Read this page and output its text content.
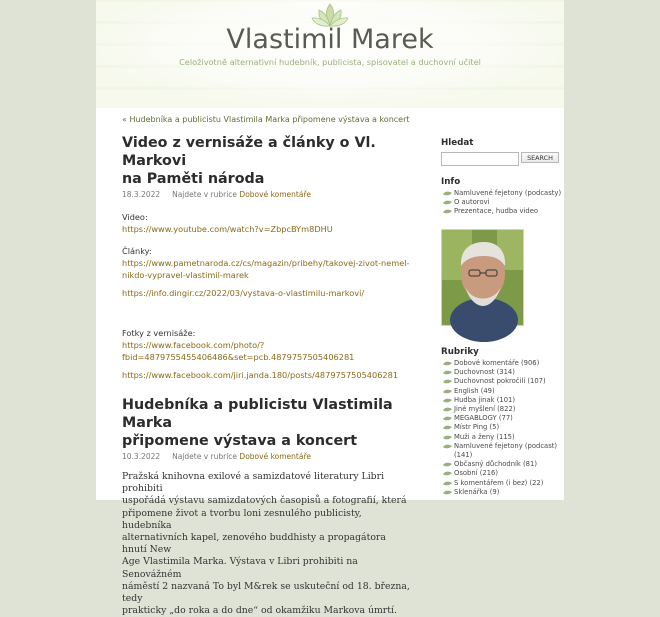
Vlastimil Marek
Celoživotně alternativní hudebník, publicista, spisovatel a duchovní učitel
« Hudebníka a publicistu Vlastimila Marka připomene výstava a koncert
Video z vernisáže a články o Vl. Markovi
na Paměti národa
18.3.2022 Najdete v rubrice Dobové komentáře

Video:

https://www.youtube.com/watch?v=ZbpcBYm8DHU

Články:

https://www.pametnaroda.cz/cs/magazin/pribehy/takovej-zivot-nemel-
nikdo-vypravel-vlastimil-marek

https://info.dingir.cz/2022/03/vystava-o-vlastimilu-markovi/

Fotky z vernisáže:

https://www.facebook.com/photo/?
fbid=4879755455406486&set=pcb.4879757505406281

https://www.facebook.com/jiri.janda.180/posts/4879757505406281

Hudebníka a publicistu Vlastimila Marka
připomene výstava a koncert
10.3.2022 Najdete v rubrice Dobové komentáře
Pražská knihovna exilové a samizdatové literatury Libri prohibiti
uspořádá výstavu samizdatových časopisů a fotografií, která
připomene život a tvorbu loni zesnulého publicisty, hudebníka
alternativních kapel, zenového buddhisty a propagátora hnutí New
Age Vlastimila Marka. Výstava v Libri prohibiti na Senovážném
náměstí 2 nazvaná To byl M&rek se uskuteční od 18. března, tedy
prakticky „do roka a do dne“ od okamžiku Markova úmrtí.
Hledat
SEARCH
Info
Namluvené fejetony (podcasty)
O autorovi
Prezentace, hudba video
Rubriky
Dobové komentáře (906)
Duchovnost (314)
Duchovnost pokročilí (107)
English (49)
Hudba jinak (101)
Jiné myšlení (822)
MEGABLOGY (77)
Místr Ping (5)
Muži a ženy (115)
Namluvené fejetony (podcast)
(141)
Občasný důchodník (81)
Osobní (216)
S komentářem (i bez) (22)
Sklenářka (9)
